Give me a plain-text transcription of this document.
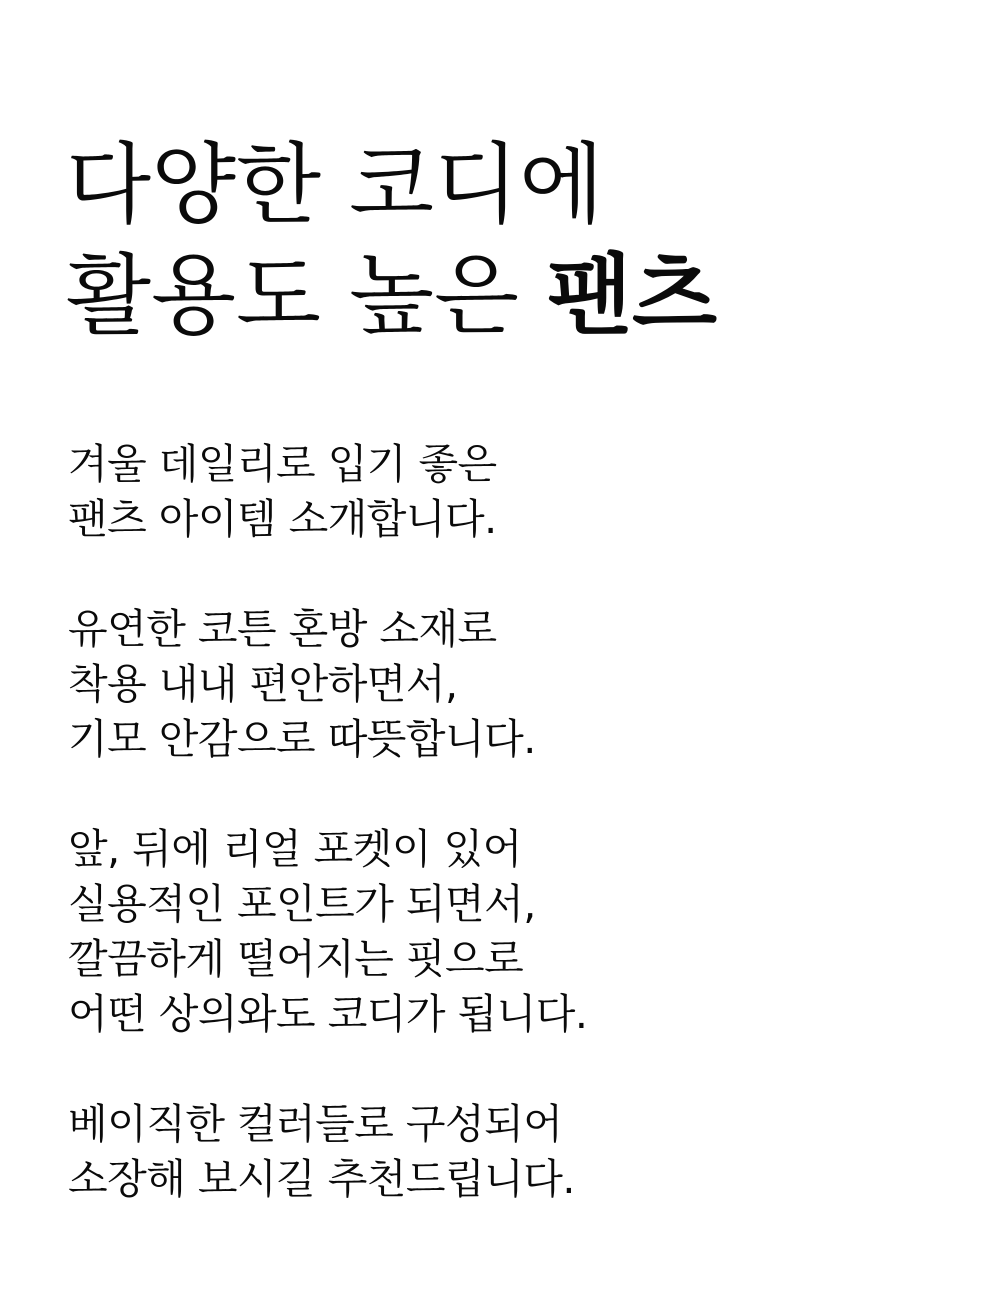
다양한 코디에
활용도 높은 팬츠

겨울 데일리로 입기 좋은
팬츠 아이템 소개합니다.

유연한 코튼 혼방 소재로
착용 내내 편안하면서,
기모 안감으로 따뜻합니다.

앞, 뒤에 리얼 포켓이 있어
실용적인 포인트가 되면서,
깔끔하게 떨어지는 핏으로
어떤 상의와도 코디가 됩니다.

베이직한 컬러들로 구성되어
소장해 보시길 추천드립니다.
